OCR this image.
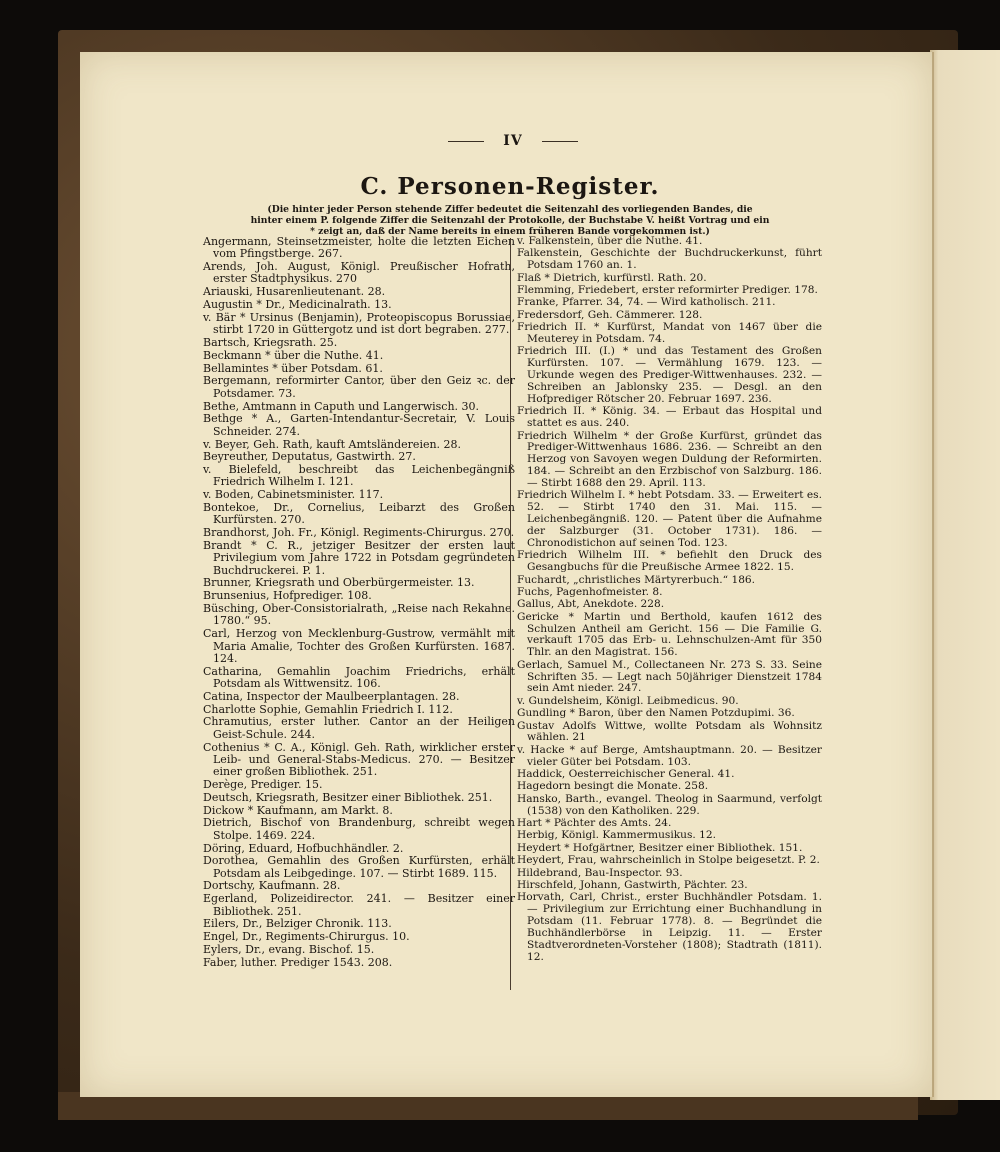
IV
C. Personen-Register.
(Die hinter jeder Person stehende Ziffer bedeutet die Seitenzahl des vorliegenden Bandes, die hinter einem P. folgende Ziffer die Seitenzahl der Protokolle, der Buchstabe V. heißt Vortrag und ein * zeigt an, daß der Name bereits in einem früheren Bande vorgekommen ist.)
Angermann, Steinsetzmeister, holte die letzten Eichen vom Pfingstberge. 267.
Arends, Joh. August, Königl. Preußischer Hofrath, erster Stadtphysikus. 270
Ariauski, Husarenlieutenant. 28.
Augustin * Dr., Medicinalrath. 13.
v. Bär * Ursinus (Benjamin), Proteopiscopus Borussiae, stirbt 1720 in Güttergotz und ist dort begraben. 277.
Bartsch, Kriegsrath. 25.
Beckmann * über die Nuthe. 41.
Bellamintes * über Potsdam. 61.
Bergemann, reformirter Cantor, über den Geiz ꝛc. der Potsdamer. 73.
Bethe, Amtmann in Caputh und Langerwisch. 30.
Bethge * A., Garten-Intendantur-Secretair, V. Louis Schneider. 274.
v. Beyer, Geh. Rath, kauft Amtsländereien. 28.
Beyreuther, Deputatus, Gastwirth. 27.
v. Bielefeld, beschreibt das Leichenbegängniß Friedrich Wilhelm I. 121.
v. Boden, Cabinetsminister. 117.
Bontekoe, Dr., Cornelius, Leibarzt des Großen Kurfürsten. 270.
Brandhorst, Joh. Fr., Königl. Regiments-Chirurgus. 270.
Brandt * C. R., jetziger Besitzer der ersten laut Privilegium vom Jahre 1722 in Potsdam gegründeten Buchdruckerei. P. 1.
Brunner, Kriegsrath und Oberbürgermeister. 13.
Brunsenius, Hofprediger. 108.
Büsching, Ober-Consistorialrath, „Reise nach Rekahne. 1780.“ 95.
Carl, Herzog von Mecklenburg-Gustrow, vermählt mit Maria Amalie, Tochter des Großen Kurfürsten. 1687. 124.
Catharina, Gemahlin Joachim Friedrichs, erhält Potsdam als Wittwensitz. 106.
Catina, Inspector der Maulbeerplantagen. 28.
Charlotte Sophie, Gemahlin Friedrich I. 112.
Chramutius, erster luther. Cantor an der Heiligen Geist-Schule. 244.
Cothenius * C. A., Königl. Geh. Rath, wirklicher erster Leib- und General-Stabs-Medicus. 270. — Besitzer einer großen Bibliothek. 251.
Derège, Prediger. 15.
Deutsch, Kriegsrath, Besitzer einer Bibliothek. 251.
Dickow * Kaufmann, am Markt. 8.
Dietrich, Bischof von Brandenburg, schreibt wegen Stolpe. 1469. 224.
Döring, Eduard, Hofbuchhändler. 2.
Dorothea, Gemahlin des Großen Kurfürsten, erhält Potsdam als Leibgedinge. 107. — Stirbt 1689. 115.
Dortschy, Kaufmann. 28.
Egerland, Polizeidirector. 241. — Besitzer einer Bibliothek. 251.
Eilers, Dr., Belziger Chronik. 113.
Engel, Dr., Regiments-Chirurgus. 10.
Eylers, Dr., evang. Bischof. 15.
Faber, luther. Prediger 1543. 208.
v. Falkenstein, über die Nuthe. 41.
Falkenstein, Geschichte der Buchdruckerkunst, führt Potsdam 1760 an. 1.
Flaß * Dietrich, kurfürstl. Rath. 20.
Flemming, Friedebert, erster reformirter Prediger. 178.
Franke, Pfarrer. 34, 74. — Wird katholisch. 211.
Fredersdorf, Geh. Cämmerer. 128.
Friedrich II. * Kurfürst, Mandat von 1467 über die Meuterey in Potsdam. 74.
Friedrich III. (I.) * und das Testament des Großen Kurfürsten. 107. — Vermählung 1679. 123. — Urkunde wegen des Prediger-Wittwenhauses. 232. — Schreiben an Jablonsky 235. — Desgl. an den Hofprediger Rötscher 20. Februar 1697. 236.
Friedrich II. * König. 34. — Erbaut das Hospital und stattet es aus. 240.
Friedrich Wilhelm * der Große Kurfürst, gründet das Prediger-Wittwenhaus 1686. 236. — Schreibt an den Herzog von Savoyen wegen Duldung der Reformirten. 184. — Schreibt an den Erzbischof von Salzburg. 186. — Stirbt 1688 den 29. April. 113.
Friedrich Wilhelm I. * hebt Potsdam. 33. — Erweitert es. 52. — Stirbt 1740 den 31. Mai. 115. — Leichenbegängniß. 120. — Patent über die Aufnahme der Salzburger (31. October 1731). 186. — Chronodistichon auf seinen Tod. 123.
Friedrich Wilhelm III. * befiehlt den Druck des Gesangbuchs für die Preußische Armee 1822. 15.
Fuchardt, „christliches Märtyrerbuch.“ 186.
Fuchs, Pagenhofmeister. 8.
Gallus, Abt, Anekdote. 228.
Gericke * Martin und Berthold, kaufen 1612 des Schulzen Antheil am Gericht. 156 — Die Familie G. verkauft 1705 das Erb- u. Lehnschulzen-Amt für 350 Thlr. an den Magistrat. 156.
Gerlach, Samuel M., Collectaneen Nr. 273 S. 33. Seine Schriften 35. — Legt nach 50jähriger Dienstzeit 1784 sein Amt nieder. 247.
v. Gundelsheim, Königl. Leibmedicus. 90.
Gundling * Baron, über den Namen Potzdupimi. 36.
Gustav Adolfs Wittwe, wollte Potsdam als Wohnsitz wählen. 21
v. Hacke * auf Berge, Amtshauptmann. 20. — Besitzer vieler Güter bei Potsdam. 103.
Haddick, Oesterreichischer General. 41.
Hagedorn besingt die Monate. 258.
Hansko, Barth., evangel. Theolog in Saarmund, verfolgt (1538) von den Katholiken. 229.
Hart * Pächter des Amts. 24.
Herbig, Königl. Kammermusikus. 12.
Heydert * Hofgärtner, Besitzer einer Bibliothek. 151.
Heydert, Frau, wahrscheinlich in Stolpe beigesetzt. P. 2.
Hildebrand, Bau-Inspector. 93.
Hirschfeld, Johann, Gastwirth, Pächter. 23.
Horvath, Carl, Christ., erster Buchhändler Potsdam. 1. — Privilegium zur Errichtung einer Buchhandlung in Potsdam (11. Februar 1778). 8. — Begründet die Buchhändlerbörse in Leipzig. 11. — Erster Stadtverordneten-Vorsteher (1808); Stadtrath (1811). 12.
